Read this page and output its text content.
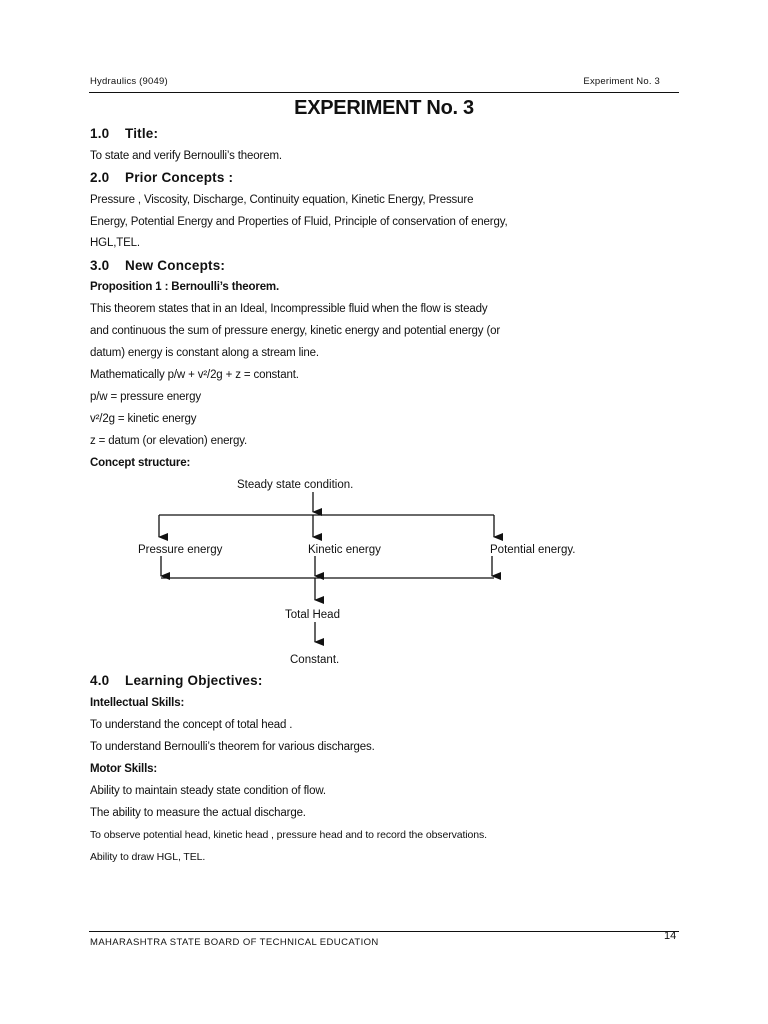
Hydraulics (9049)	Experiment No. 3
EXPERIMENT No. 3
1.0 Title:
To state and verify Bernoulli’s theorem.
2.0 Prior Concepts :
Pressure , Viscosity, Discharge, Continuity equation, Kinetic Energy, Pressure
Energy, Potential Energy and Properties of Fluid, Principle of conservation of energy,
HGL,TEL.
3.0 New Concepts:
Proposition 1 : Bernoulli’s theorem.
This theorem states that in an Ideal, Incompressible fluid when the flow is steady
and continuous the sum of pressure energy, kinetic energy and potential energy (or
datum) energy is constant along a stream line.
Mathematically p/w + v²/2g + z = constant.
p/w = pressure energy
v²/2g = kinetic energy
z = datum (or elevation) energy.
Concept structure:
Steady state condition.
Pressure energy	Kinetic energy	Potential energy.
Total Head
Constant.
4.0 Learning Objectives:
Intellectual Skills:
To understand the concept of total head .
To understand Bernoulli’s theorem for various discharges.
Motor Skills:
Ability to maintain steady state condition of flow.
The ability to measure the actual discharge.
To observe potential head, kinetic head , pressure head and to record the observations.
Ability to draw HGL, TEL.
MAHARASHTRA STATE BOARD OF TECHNICAL EDUCATION
14
